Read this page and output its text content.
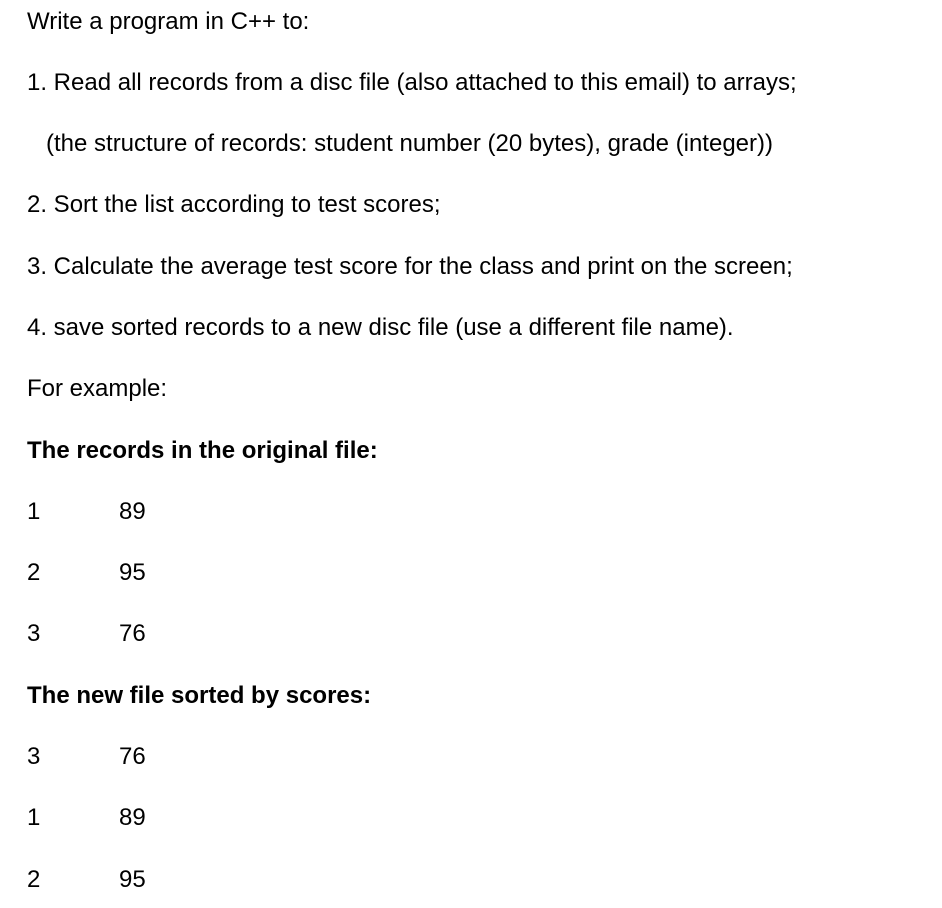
Write a program in C++ to:
1. Read all records from a disc file (also attached to this email) to arrays;
(the structure of records: student number (20 bytes), grade (integer))
2. Sort the list according to test scores;
3. Calculate the average test score for the class and print on the screen;
4. save sorted records to a new disc file (use a different file name).
For example:
The records in the original file:
1	89
2	95
3	76
The new file sorted by scores:
3	76
1	89
2	95
